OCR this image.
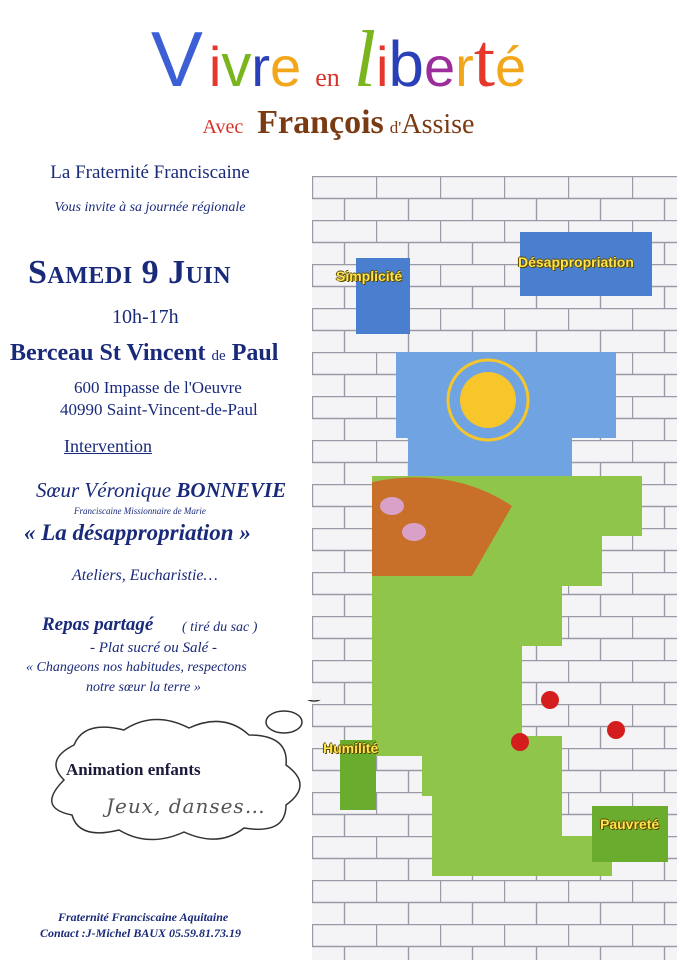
V ivre en liberté
Avec François d'Assise
Simplicité
Désappropriation
Humilité
Pauvreté
La Fraternité Franciscaine
Vous invite à sa journée régionale
Samedi 9 Juin
10h-17h
Berceau St Vincent de Paul
600 Impasse de l'Oeuvre
40990 Saint-Vincent-de-Paul
Intervention
Sœur Véronique BONNEVIE
Franciscaine Missionnaire de Marie
« La désappropriation »
Ateliers, Eucharistie…
Repas partagé ( tiré du sac )
- Plat sucré ou Salé -
« Changeons nos habitudes, respectons
notre sœur la terre »
Fraternité Franciscaine Aquitaine
Contact :J-Michel BAUX 05.59.81.73.19
Animation enfants
Jeux, danses…
